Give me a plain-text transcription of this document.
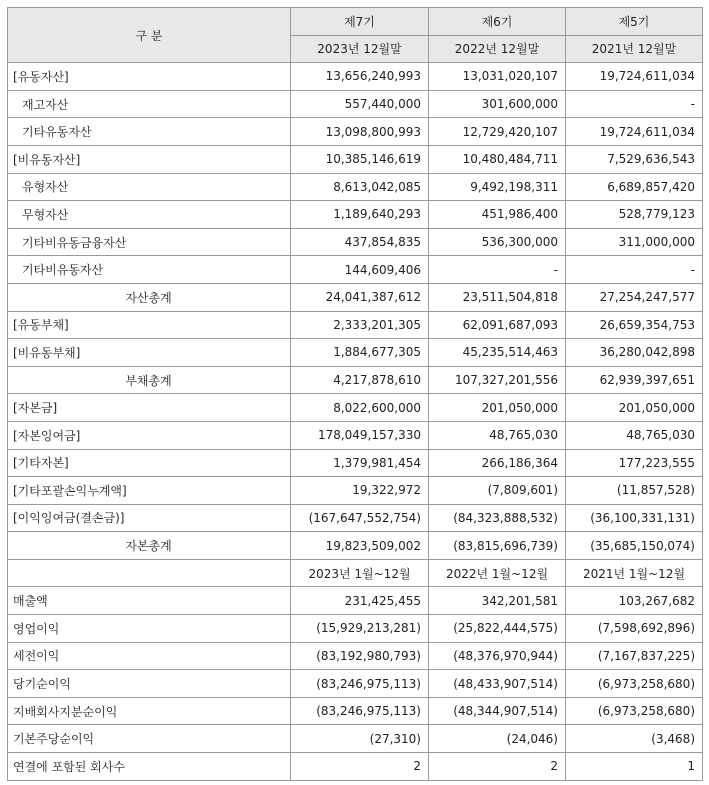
구 분	제7기	제6기	제5기
	2023년 12월말	2022년 12월말	2021년 12월말
[유동자산]	13,656,240,993	13,031,020,107	19,724,611,034
재고자산	557,440,000	301,600,000	-
기타유동자산	13,098,800,993	12,729,420,107	19,724,611,034
[비유동자산]	10,385,146,619	10,480,484,711	7,529,636,543
유형자산	8,613,042,085	9,492,198,311	6,689,857,420
무형자산	1,189,640,293	451,986,400	528,779,123
기타비유동금융자산	437,854,835	536,300,000	311,000,000
기타비유동자산	144,609,406	-	-
자산총계	24,041,387,612	23,511,504,818	27,254,247,577
[유동부채]	2,333,201,305	62,091,687,093	26,659,354,753
[비유동부채]	1,884,677,305	45,235,514,463	36,280,042,898
부채총계	4,217,878,610	107,327,201,556	62,939,397,651
[자본금]	8,022,600,000	201,050,000	201,050,000
[자본잉여금]	178,049,157,330	48,765,030	48,765,030
[기타자본]	1,379,981,454	266,186,364	177,223,555
[기타포괄손익누계액]	19,322,972	(7,809,601)	(11,857,528)
[이익잉여금(결손금)]	(167,647,552,754)	(84,323,888,532)	(36,100,331,131)
자본총계	19,823,509,002	(83,815,696,739)	(35,685,150,074)
	2023년 1월~12월	2022년 1월~12월	2021년 1월~12월
매출액	231,425,455	342,201,581	103,267,682
영업이익	(15,929,213,281)	(25,822,444,575)	(7,598,692,896)
세전이익	(83,192,980,793)	(48,376,970,944)	(7,167,837,225)
당기순이익	(83,246,975,113)	(48,433,907,514)	(6,973,258,680)
지배회사지분순이익	(83,246,975,113)	(48,344,907,514)	(6,973,258,680)
기본주당순이익	(27,310)	(24,046)	(3,468)
연결에 포함된 회사수	2	2	1
